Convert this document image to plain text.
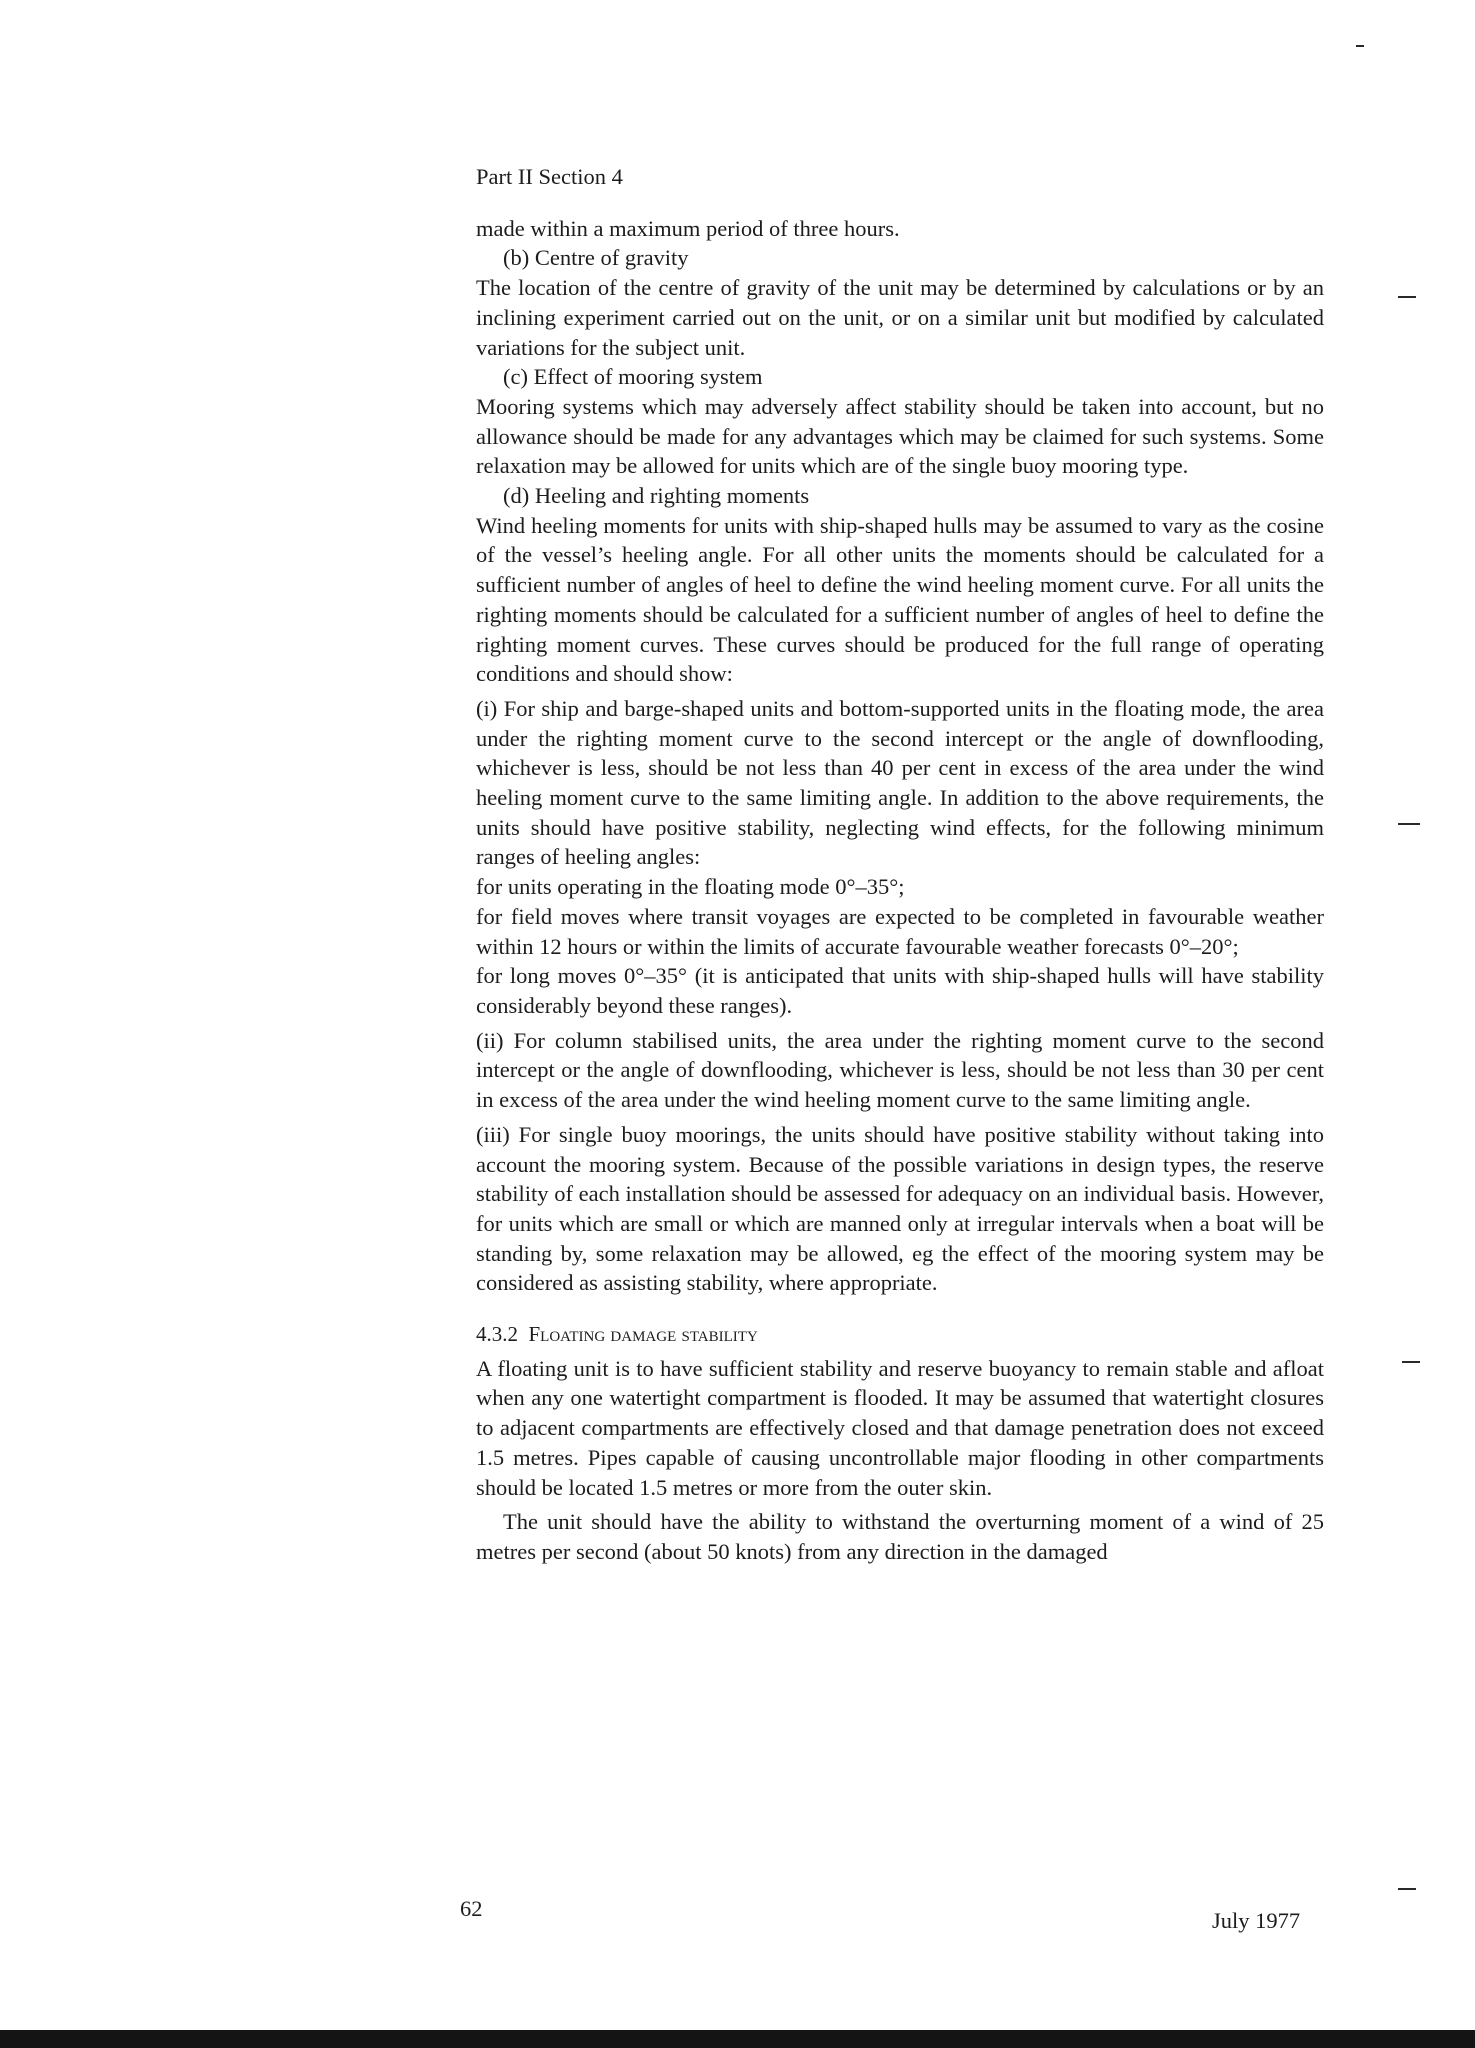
Part II Section 4

made within a maximum period of three hours.

(b) Centre of gravity

The location of the centre of gravity of the unit may be determined by calculations or by an inclining experiment carried out on the unit, or on a similar unit but modified by calculated variations for the subject unit.

(c) Effect of mooring system

Mooring systems which may adversely affect stability should be taken into account, but no allowance should be made for any advantages which may be claimed for such systems. Some relaxation may be allowed for units which are of the single buoy mooring type.

(d) Heeling and righting moments

Wind heeling moments for units with ship-shaped hulls may be assumed to vary as the cosine of the vessel’s heeling angle. For all other units the moments should be calculated for a sufficient number of angles of heel to define the wind heeling moment curve. For all units the righting moments should be calculated for a sufficient number of angles of heel to define the righting moment curves. These curves should be produced for the full range of operating conditions and should show:

(i) For ship and barge-shaped units and bottom-supported units in the floating mode, the area under the righting moment curve to the second intercept or the angle of downflooding, whichever is less, should be not less than 40 per cent in excess of the area under the wind heeling moment curve to the same limiting angle. In addition to the above requirements, the units should have positive stability, neglecting wind effects, for the following minimum ranges of heeling angles:

for units operating in the floating mode 0°–35°;

for field moves where transit voyages are expected to be completed in favourable weather within 12 hours or within the limits of accurate favourable weather forecasts 0°–20°;

for long moves 0°–35° (it is anticipated that units with ship-shaped hulls will have stability considerably beyond these ranges).

(ii) For column stabilised units, the area under the righting moment curve to the second intercept or the angle of downflooding, whichever is less, should be not less than 30 per cent in excess of the area under the wind heeling moment curve to the same limiting angle.

(iii) For single buoy moorings, the units should have positive stability without taking into account the mooring system. Because of the possible variations in design types, the reserve stability of each installation should be assessed for adequacy on an individual basis. However, for units which are small or which are manned only at irregular intervals when a boat will be standing by, some relaxation may be allowed, eg the effect of the mooring system may be considered as assisting stability, where appropriate.

4.3.2 Floating damage stability

A floating unit is to have sufficient stability and reserve buoyancy to remain stable and afloat when any one watertight compartment is flooded. It may be assumed that watertight closures to adjacent compartments are effectively closed and that damage penetration does not exceed 1.5 metres. Pipes capable of causing uncontrollable major flooding in other compartments should be located 1.5 metres or more from the outer skin.

The unit should have the ability to withstand the overturning moment of a wind of 25 metres per second (about 50 knots) from any direction in the damaged

62	July 1977
